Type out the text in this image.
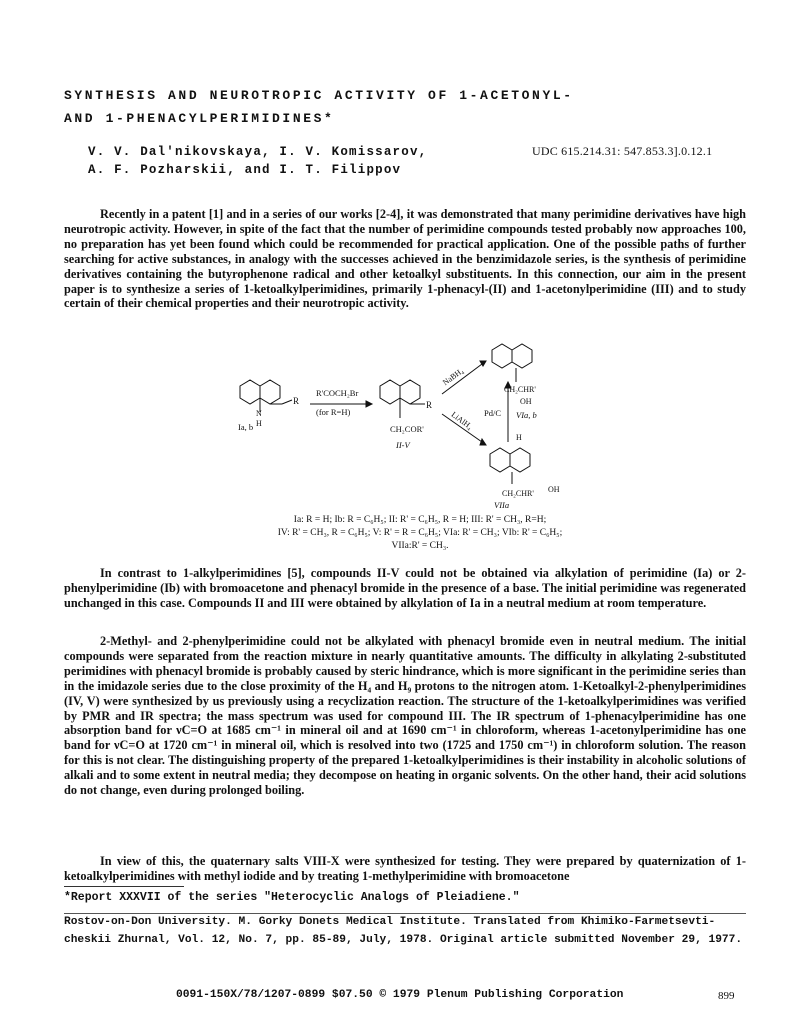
SYNTHESIS AND NEUROTROPIC ACTIVITY OF 1-ACETONYL-
AND 1-PHENACYLPERIMIDINES*
V. V. Dal'nikovskaya, I. V. Komissarov,
A. F. Pozharskii, and I. T. Filippov
UDC 615.214.31: 547.853.3].0.12.1
Recently in a patent [1] and in a series of our works [2-4], it was demonstrated that many perimidine derivatives have high neurotropic activity. However, in spite of the fact that the number of perimidine compounds tested probably now approaches 100, no preparation has yet been found which could be recommended for practical application. One of the possible paths of further searching for active substances, in analogy with the successes achieved in the benzimidazole series, is the synthesis of perimidine derivatives containing the butyrophenone radical and other ketoalkyl substituents. In this connection, our aim in the present paper is to synthesize a series of 1-ketoalkylperimidines, primarily 1-phenacyl-(II) and 1-acetonylperimidine (III) and to study certain of their chemical properties and their neurotropic activity.
Ia, b
R
N
H
R'COCH₂Br
(for R=H)
R
CH₂COR'
II-V
NaBH₄
LiAlH₄ Pd/C
CH₂CHR'
OH
VIa, b
H
CH₂CHR' OH
VIIa
Ia: R = H; Ib: R = C₆H₅; II: R' = C₆H₅, R = H; III: R' = CH₃, R=H;
IV: R' = CH₃, R = C₆H₅; V: R' = R = C₆H₅; VIa: R' = CH₃; VIb: R' = C₆H₅;
VIIa:R' = CH₃.
In contrast to 1-alkylperimidines [5], compounds II-V could not be obtained via alkylation of perimidine (Ia) or 2-phenylperimidine (Ib) with bromoacetone and phenacyl bromide in the presence of a base. The initial perimidine was regenerated unchanged in this case. Compounds II and III were obtained by alkylation of Ia in a neutral medium at room temperature.
2-Methyl- and 2-phenylperimidine could not be alkylated with phenacyl bromide even in neutral medium. The initial compounds were separated from the reaction mixture in nearly quantitative amounts. The difficulty in alkylating 2-substituted perimidines with phenacyl bromide is probably caused by steric hindrance, which is more significant in the perimidine series than in the imidazole series due to the close proximity of the H₄ and H₉ protons to the nitrogen atom. 1-Ketoalkyl-2-phenylperimidines (IV, V) were synthesized by us previously using a recyclization reaction. The structure of the 1-ketoalkylperimidines was verified by PMR and IR spectra; the mass spectrum was used for compound III. The IR spectrum of 1-phenacylperimidine has one absorption band for νC=O at 1685 cm⁻¹ in mineral oil and at 1690 cm⁻¹ in chloroform, whereas 1-acetonylperimidine has one band for νC=O at 1720 cm⁻¹ in mineral oil, which is resolved into two (1725 and 1750 cm⁻¹) in chloroform solution. The reason for this is not clear. The distinguishing property of the prepared 1-ketoalkylperimidines is their instability in alcoholic solutions of alkali and to some extent in neutral media; they decompose on heating in organic solvents. On the other hand, their acid solutions do not change, even during prolonged boiling.
In view of this, the quaternary salts VIII-X were synthesized for testing. They were prepared by quaternization of 1-ketoalkylperimidines with methyl iodide and by treating 1-methylperimidine with bromoacetone
*Report XXXVII of the series "Heterocyclic Analogs of Pleiadiene."
Rostov-on-Don University. M. Gorky Donets Medical Institute. Translated from Khimiko-Farmetsevti-
cheskii Zhurnal, Vol. 12, No. 7, pp. 85-89, July, 1978. Original article submitted November 29, 1977.
0091-150X/78/1207-0899 $07.50 © 1979 Plenum Publishing Corporation	899
